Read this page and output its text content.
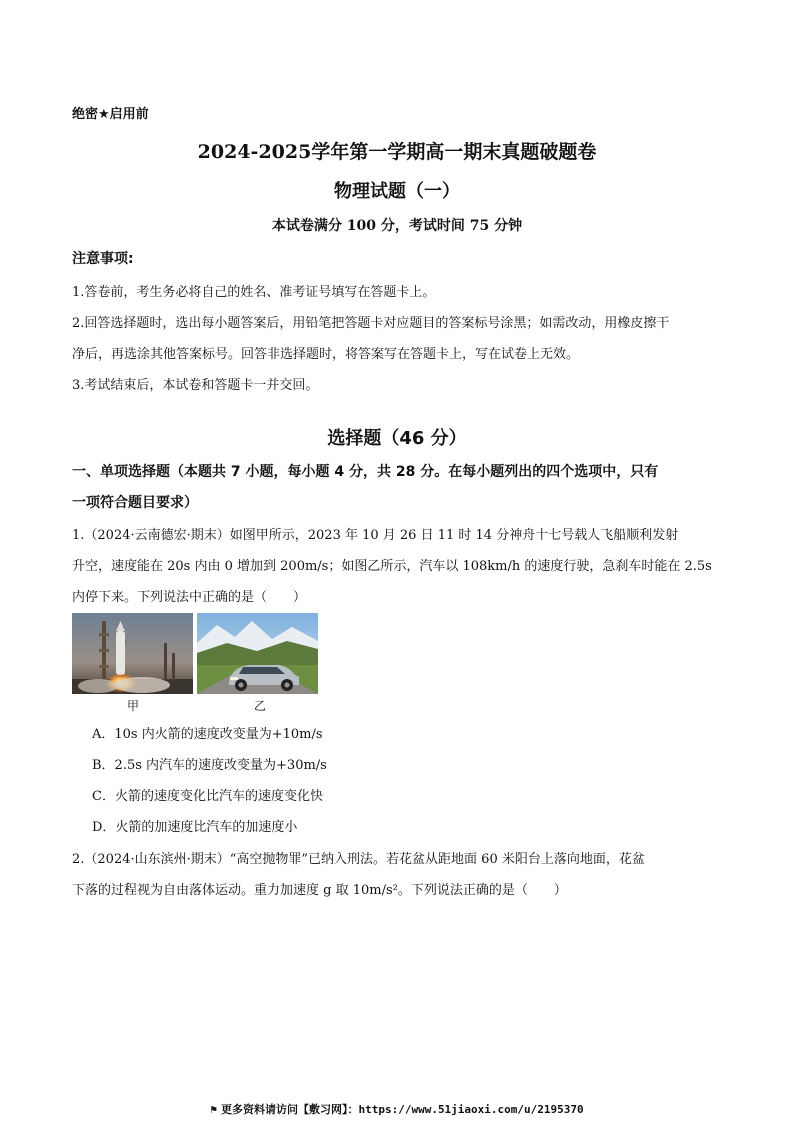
绝密★启用前
2024-2025学年第一学期高一期末真题破题卷
物理试题（一）
本试卷满分 100 分，考试时间 75 分钟
注意事项:
1.答卷前，考生务必将自己的姓名、准考证号填写在答题卡上。
2.回答选择题时，选出每小题答案后，用铅笔把答题卡对应题目的答案标号涂黑；如需改动，用橡皮擦干
净后，再选涂其他答案标号。回答非选择题时，将答案写在答题卡上，写在试卷上无效。
3.考试结束后，本试卷和答题卡一并交回。
选择题（46 分）
一、单项选择题（本题共 7 小题，每小题 4 分，共 28 分。在每小题列出的四个选项中，只有
一项符合题目要求）
1.（2024·云南德宏·期末）如图甲所示，2023 年 10 月 26 日 11 时 14 分神舟十七号载人飞船顺利发射
升空，速度能在 20s 内由 0 增加到 200m/s；如图乙所示，汽车以 108km/h 的速度行驶，急刹车时能在 2.5s
内停下来。下列说法中正确的是（　　）
甲	乙
A．10s 内火箭的速度改变量为+10m/s
B．2.5s 内汽车的速度改变量为+30m/s
C．火箭的速度变化比汽车的速度变化快
D．火箭的加速度比汽车的加速度小
2.（2024·山东滨州·期末）“高空抛物罪”已纳入刑法。若花盆从距地面 60 米阳台上落向地面，花盆
下落的过程视为自由落体运动。重力加速度 g 取 10m/s²。下列说法正确的是（　　）
⚑ 更多资料请访问【敷习网】：https://www.51jiaoxi.com/u/2195370
